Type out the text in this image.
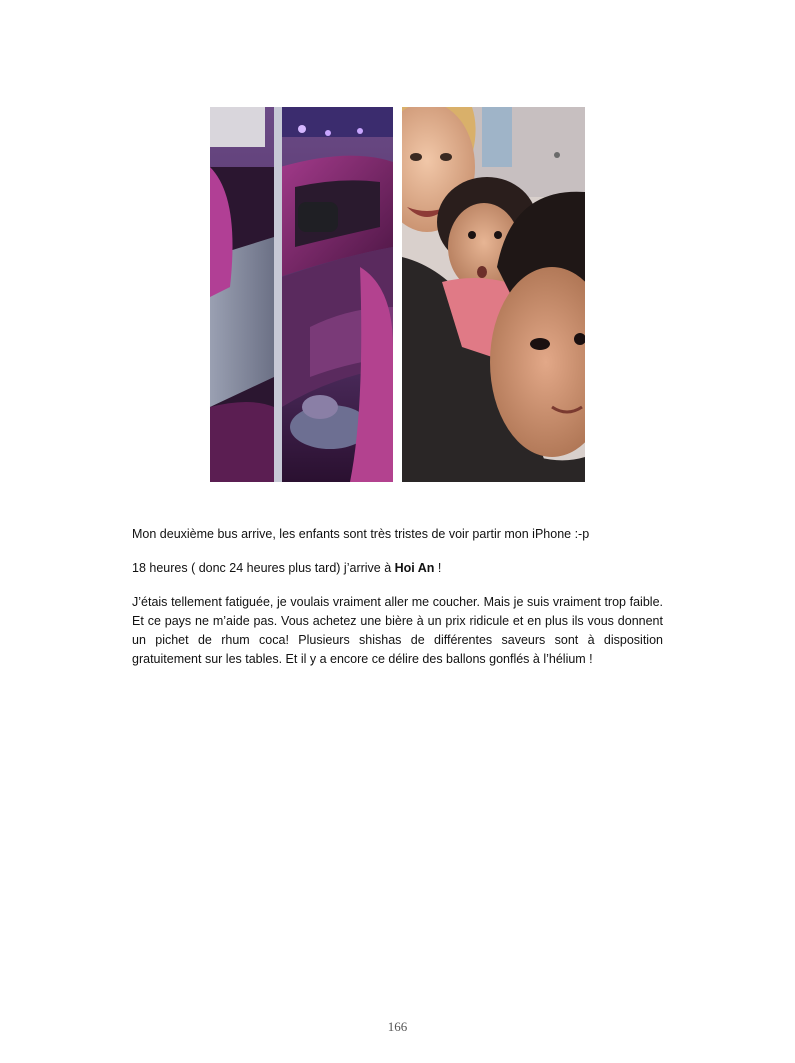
Mon deuxième bus arrive, les enfants sont très tristes de voir partir mon iPhone :-p

18 heures ( donc 24 heures plus tard) j’arrive à Hoi An !

J’étais tellement fatiguée, je voulais vraiment aller me coucher. Mais je suis vraiment trop faible. Et ce pays ne m’aide pas. Vous achetez une bière à un prix ridicule et en plus ils vous donnent un pichet de rhum coca! Plusieurs shishas de différentes saveurs sont à disposition gratuitement sur les tables. Et il y a encore ce délire des ballons gonflés à l’hélium !

166
